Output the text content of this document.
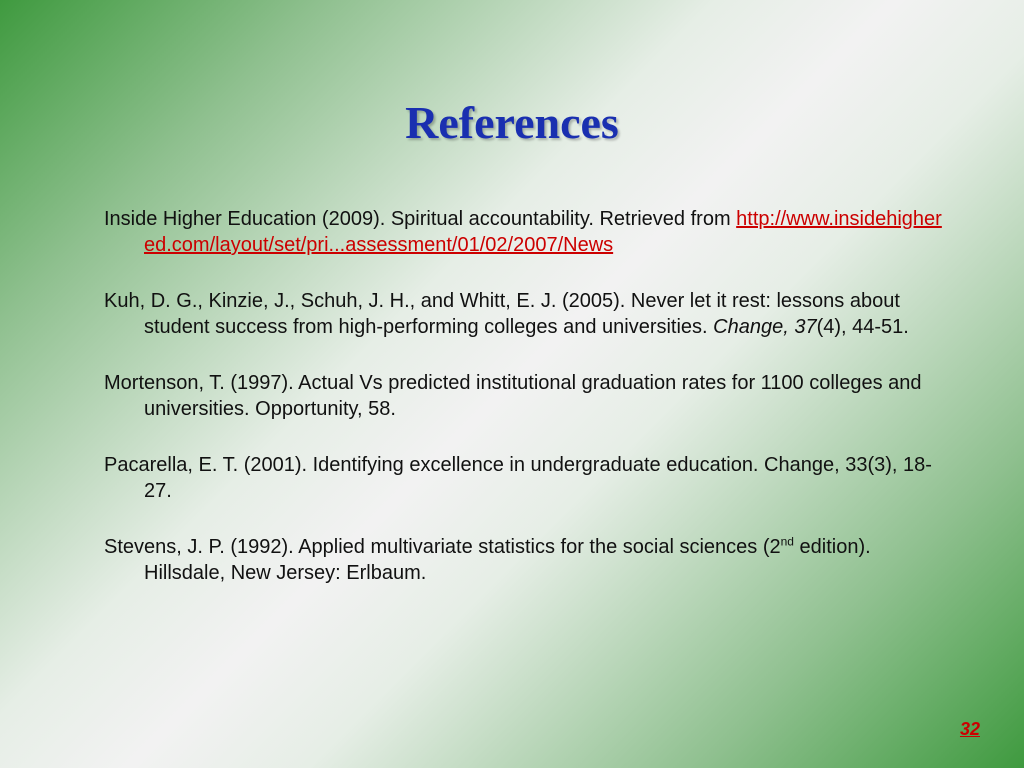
References

Inside Higher Education (2009). Spiritual accountability. Retrieved from http://www.insidehighered.com/layout/set/pri...assessment/01/02/2007/News

Kuh, D. G., Kinzie, J., Schuh, J. H., and Whitt, E. J. (2005). Never let it rest: lessons about student success from high-performing colleges and universities. Change, 37(4), 44-51.

Mortenson, T. (1997). Actual Vs predicted institutional graduation rates for 1100 colleges and universities. Opportunity, 58.

Pacarella, E. T. (2001). Identifying excellence in undergraduate education. Change, 33(3), 18-27.

Stevens, J. P. (1992). Applied multivariate statistics for the social sciences (2nd edition). Hillsdale, New Jersey: Erlbaum.

32
